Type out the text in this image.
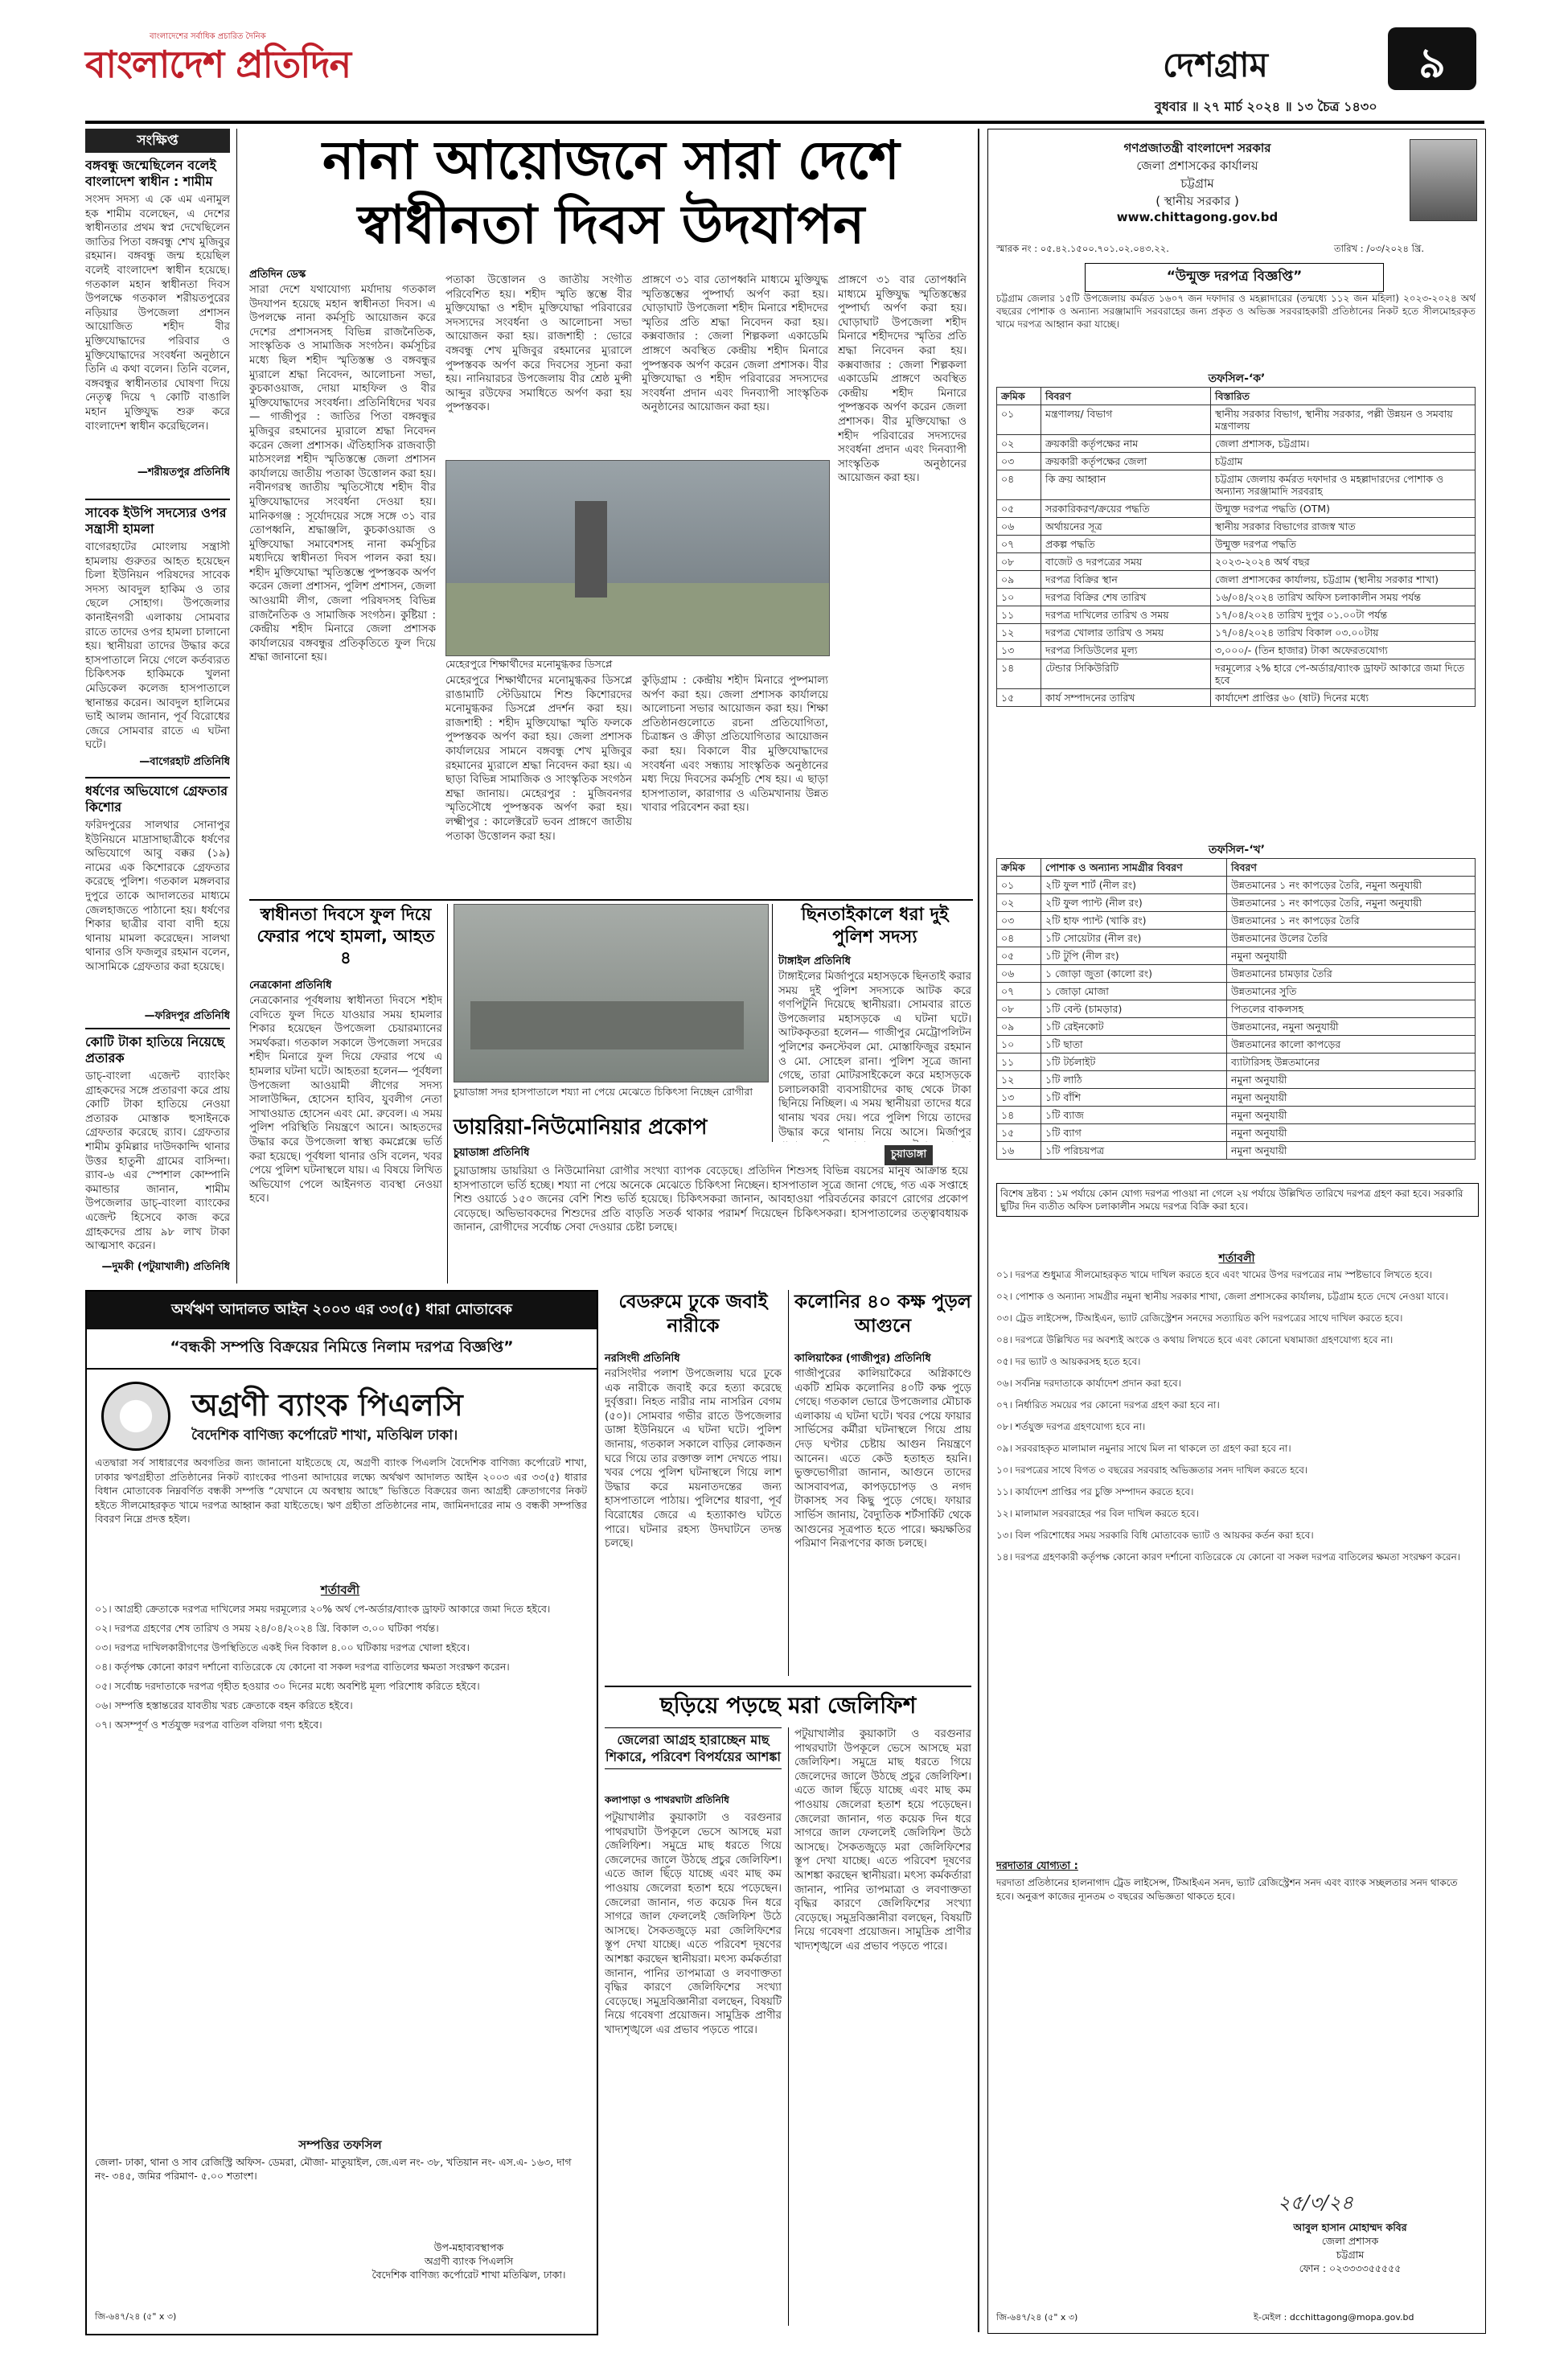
বাংলাদেশের সর্বাধিক প্রচারিত দৈনিক
বাংলাদেশ প্রতিদিন	দেশগ্রাম	৯
বুধবার ॥ ২৭ মার্চ ২০২৪ ॥ ১৩ চৈত্র ১৪৩০
সংক্ষিপ্ত
বঙ্গবন্ধু জন্মেছিলেন বলেই বাংলাদেশ স্বাধীন : শামীম
সংসদ সদস্য এ কে এম এনামুল হক শামীম বলেছেন, এ দেশের স্বাধীনতার প্রথম স্বপ্ন দেখেছিলেন জাতির পিতা বঙ্গবন্ধু শেখ মুজিবুর রহমান। বঙ্গবন্ধু জন্ম হয়েছিল বলেই বাংলাদেশ স্বাধীন হয়েছে। গতকাল মহান স্বাধীনতা দিবস উপলক্ষে গতকাল শরীয়তপুরের নড়িয়ার উপজেলা প্রশাসন আয়োজিত শহীদ বীর মুক্তিযোদ্ধাদের পরিবার ও মুক্তিযোদ্ধাদের সংবর্ধনা অনুষ্ঠানে তিনি এ কথা বলেন। তিনি বলেন, বঙ্গবন্ধুর স্বাধীনতার ঘোষণা দিয়ে নেতৃত্ব দিয়ে ৭ কোটি বাঙালি মহান মুক্তিযুদ্ধ শুরু করে বাংলাদেশ স্বাধীন করেছিলেন।
—শরীয়তপুর প্রতিনিধি
সাবেক ইউপি সদস্যের ওপর সন্ত্রাসী হামলা
বাগেরহাটের মোংলায় সন্ত্রাসী হামলায় গুরুতর আহত হয়েছেন চিলা ইউনিয়ন পরিষদের সাবেক সদস্য আবদুল হাকিম ও তার ছেলে সোহাগ। উপজেলার কানাইনগরী এলাকায় সোমবার রাতে তাদের ওপর হামলা চালানো হয়। স্থানীয়রা তাদের উদ্ধার করে হাসপাতালে নিয়ে গেলে কর্তব্যরত চিকিৎসক হাকিমকে খুলনা মেডিকেল কলেজ হাসপাতালে স্থানান্তর করেন। আবদুল হালিমের ভাই আলম জানান, পূর্ব বিরোধের জেরে সোমবার রাতে এ ঘটনা ঘটে।
—বাগেরহাট প্রতিনিধি
ধর্ষণের অভিযোগে গ্রেফতার কিশোর
ফরিদপুরের সালথার সোনাপুর ইউনিয়নে মাদ্রাসাছাত্রীকে ধর্ষণের অভিযোগে আবু বক্কর (১৯) নামের এক কিশোরকে গ্রেফতার করেছে পুলিশ। গতকাল মঙ্গলবার দুপুরে তাকে আদালতের মাধ্যমে জেলহাজতে পাঠানো হয়। ধর্ষণের শিকার ছাত্রীর বাবা বাদী হয়ে থানায় মামলা করেছেন। সালথা থানার ওসি ফজলুর রহমান বলেন, আসামিকে গ্রেফতার করা হয়েছে।
—ফরিদপুর প্রতিনিধি
কোটি টাকা হাতিয়ে নিয়েছে প্রতারক
ডাচ্-বাংলা এজেন্ট ব্যাংকিং গ্রাহকদের সঙ্গে প্রতারণা করে প্রায় কোটি টাকা হাতিয়ে নেওয়া প্রতারক মোস্তাক হুসাইনকে গ্রেফতার করেছে র‍্যাব। গ্রেফতার শামীম কুমিল্লার দাউদকান্দি থানার উত্তর হাতুনী গ্রামের বাসিন্দা। র‍্যাব-৬ এর স্পেশাল কোম্পানি কমান্ডার জানান, শামীম উপজেলার ডাচ্-বাংলা ব্যাংকের এজেন্ট হিসেবে কাজ করে গ্রাহকদের প্রায় ৯৮ লাখ টাকা আত্মসাৎ করেন।
—দুমকী (পটুয়াখালী) প্রতিনিধি
নানা আয়োজনে সারা দেশে স্বাধীনতা দিবস উদযাপন
প্রতিদিন ডেস্ক
সারা দেশে যথাযোগ্য মর্যাদায় গতকাল উদযাপন হয়েছে মহান স্বাধীনতা দিবস। এ উপলক্ষে নানা কর্মসূচি আয়োজন করে দেশের প্রশাসনসহ বিভিন্ন রাজনৈতিক, সাংস্কৃতিক ও সামাজিক সংগঠন। কর্মসূচির মধ্যে ছিল শহীদ স্মৃতিস্তম্ভ ও বঙ্গবন্ধুর ম্যুরালে শ্রদ্ধা নিবেদন, আলোচনা সভা, কুচকাওয়াজ, দোয়া মাহফিল ও বীর মুক্তিযোদ্ধাদের সংবর্ধনা। প্রতিনিধিদের খবর— গাজীপুর : জাতির পিতা বঙ্গবন্ধুর মুজিবুর রহমানের ম্যুরালে শ্রদ্ধা নিবেদন করেন জেলা প্রশাসক। ঐতিহাসিক রাজবাড়ী মাঠসংলগ্ন শহীদ স্মৃতিস্তম্ভে জেলা প্রশাসন কার্যালয়ে জাতীয় পতাকা উত্তোলন করা হয়। নবীনগরস্থ জাতীয় স্মৃতিসৌধে শহীদ বীর মুক্তিযোদ্ধাদের সংবর্ধনা দেওয়া হয়। মানিকগঞ্জ : সূর্যোদয়ের সঙ্গে সঙ্গে ৩১ বার তোপধ্বনি, শ্রদ্ধাঞ্জলি, কুচকাওয়াজ ও মুক্তিযোদ্ধা সমাবেশসহ নানা কর্মসূচির মধ্যদিয়ে স্বাধীনতা দিবস পালন করা হয়। শহীদ মুক্তিযোদ্ধা স্মৃতিস্তম্ভে পুষ্পস্তবক অর্পণ করেন জেলা প্রশাসন, পুলিশ প্রশাসন, জেলা আওয়ামী লীগ, জেলা পরিষদসহ বিভিন্ন রাজনৈতিক ও সামাজিক সংগঠন। কুষ্টিয়া : কেন্দ্রীয় শহীদ মিনারে জেলা প্রশাসক কার্যালয়ের বঙ্গবন্ধুর প্রতিকৃতিতে ফুল দিয়ে শ্রদ্ধা জানানো হয়।
পতাকা উত্তোলন ও জাতীয় সংগীত পরিবেশিত হয়। শহীদ স্মৃতি স্তম্ভে বীর মুক্তিযোদ্ধা ও শহীদ মুক্তিযোদ্ধা পরিবারের সদস্যদের সংবর্ধনা ও আলোচনা সভা আয়োজন করা হয়। রাজশাহী : ভোরে বঙ্গবন্ধু শেখ মুজিবুর রহমানের ম্যুরালে পুষ্পস্তবক অর্পণ করে দিবসের সূচনা করা হয়। নানিয়ারচর উপজেলায় বীর শ্রেষ্ঠ মুন্সী আব্দুর রউফের সমাধিতে অর্পণ করা হয় পুষ্পস্তবক।
প্রাঙ্গণে ৩১ বার তোপধ্বনি মাধ্যমে মুক্তিযুদ্ধ স্মৃতিস্তম্ভের পুষ্পার্ঘ্য অর্পণ করা হয়। ঘোড়াঘাট উপজেলা শহীদ মিনারে শহীদদের স্মৃতির প্রতি শ্রদ্ধা নিবেদন করা হয়। কক্সবাজার : জেলা শিল্পকলা একাডেমি প্রাঙ্গণে অবস্থিত কেন্দ্রীয় শহীদ মিনারে পুষ্পস্তবক অর্পণ করেন জেলা প্রশাসক। বীর মুক্তিযোদ্ধা ও শহীদ পরিবারের সদস্যদের সংবর্ধনা প্রদান এবং দিনব্যাপী সাংস্কৃতিক অনুষ্ঠানের আয়োজন করা হয়।
মেহেরপুরে শিক্ষার্থীদের মনোমুগ্ধকর ডিসপ্লে
মেহেরপুরে শিক্ষার্থীদের মনোমুগ্ধকর ডিসপ্লে রাঙামাটি স্টেডিয়ামে শিশু কিশোরদের মনোমুগ্ধকর ডিসপ্লে প্রদর্শন করা হয়। রাজশাহী : শহীদ মুক্তিযোদ্ধা স্মৃতি ফলকে পুষ্পস্তবক অর্পণ করা হয়। জেলা প্রশাসক কার্যালয়ের সামনে বঙ্গবন্ধু শেখ মুজিবুর রহমানের ম্যুরালে শ্রদ্ধা নিবেদন করা হয়। এ ছাড়া বিভিন্ন সামাজিক ও সাংস্কৃতিক সংগঠন শ্রদ্ধা জানায়। মেহেরপুর : মুজিবনগর স্মৃতিসৌধে পুষ্পস্তবক অর্পণ করা হয়। লক্ষ্মীপুর : কালেক্টরেট ভবন প্রাঙ্গণে জাতীয় পতাকা উত্তোলন করা হয়।
কুড়িগ্রাম : কেন্দ্রীয় শহীদ মিনারে পুষ্পমাল্য অর্পণ করা হয়। জেলা প্রশাসক কার্যালয়ে আলোচনা সভার আয়োজন করা হয়। শিক্ষা প্রতিষ্ঠানগুলোতে রচনা প্রতিযোগিতা, চিত্রাঙ্কন ও ক্রীড়া প্রতিযোগিতার আয়োজন করা হয়। বিকালে বীর মুক্তিযোদ্ধাদের সংবর্ধনা এবং সন্ধ্যায় সাংস্কৃতিক অনুষ্ঠানের মধ্য দিয়ে দিবসের কর্মসূচি শেষ হয়। এ ছাড়া হাসপাতাল, কারাগার ও এতিমখানায় উন্নত খাবার পরিবেশন করা হয়।
প্রাঙ্গণে ৩১ বার তোপধ্বনি মাধ্যমে মুক্তিযুদ্ধ স্মৃতিস্তম্ভের পুষ্পার্ঘ্য অর্পণ করা হয়। ঘোড়াঘাট উপজেলা শহীদ মিনারে শহীদদের স্মৃতির প্রতি শ্রদ্ধা নিবেদন করা হয়। কক্সবাজার : জেলা শিল্পকলা একাডেমি প্রাঙ্গণে অবস্থিত কেন্দ্রীয় শহীদ মিনারে পুষ্পস্তবক অর্পণ করেন জেলা প্রশাসক। বীর মুক্তিযোদ্ধা ও শহীদ পরিবারের সদস্যদের সংবর্ধনা প্রদান এবং দিনব্যাপী সাংস্কৃতিক অনুষ্ঠানের আয়োজন করা হয়।
স্বাধীনতা দিবসে ফুল দিয়ে ফেরার পথে হামলা, আহত ৪
নেত্রকোনা প্রতিনিধি
নেত্রকোনার পূর্বধলায় স্বাধীনতা দিবসে শহীদ বেদিতে ফুল দিতে যাওয়ার সময় হামলার শিকার হয়েছেন উপজেলা চেয়ারম্যানের সমর্থকরা। গতকাল সকালে উপজেলা সদরের শহীদ মিনারে ফুল দিয়ে ফেরার পথে এ হামলার ঘটনা ঘটে। আহতরা হলেন— পূর্বধলা উপজেলা আওয়ামী লীগের সদস্য সালাউদ্দিন, হোসেন হাবিব, যুবলীগ নেতা সাখাওয়াত হোসেন এবং মো. রুবেল। এ সময় পুলিশ পরিস্থিতি নিয়ন্ত্রণে আনে। আহতদের উদ্ধার করে উপজেলা স্বাস্থ্য কমপ্লেক্সে ভর্তি করা হয়েছে। পূর্বধলা থানার ওসি বলেন, খবর পেয়ে পুলিশ ঘটনাস্থলে যায়। এ বিষয়ে লিখিত অভিযোগ পেলে আইনগত ব্যবস্থা নেওয়া হবে।
চুয়াডাঙ্গা সদর হাসপাতালে শয্যা না পেয়ে মেঝেতে চিকিৎসা নিচ্ছেন রোগীরা
ডায়রিয়া-নিউমোনিয়ার প্রকোপ
চুয়াডাঙ্গা প্রতিনিধি	চুয়াডাঙ্গা
চুয়াডাঙ্গায় ডায়রিয়া ও নিউমোনিয়া রোগীর সংখ্যা ব্যাপক বেড়েছে। প্রতিদিন শিশুসহ বিভিন্ন বয়সের মানুষ আক্রান্ত হয়ে হাসপাতালে ভর্তি হচ্ছে। শয্যা না পেয়ে অনেকে মেঝেতে চিকিৎসা নিচ্ছেন। হাসপাতাল সূত্রে জানা গেছে, গত এক সপ্তাহে শিশু ওয়ার্ডে ১৫০ জনের বেশি শিশু ভর্তি হয়েছে। চিকিৎসকরা জানান, আবহাওয়া পরিবর্তনের কারণে রোগের প্রকোপ বেড়েছে। অভিভাবকদের শিশুদের প্রতি বাড়তি সতর্ক থাকার পরামর্শ দিয়েছেন চিকিৎসকরা। হাসপাতালের তত্ত্বাবধায়ক জানান, রোগীদের সর্বোচ্চ সেবা দেওয়ার চেষ্টা চলছে।
ছিনতাইকালে ধরা দুই পুলিশ সদস্য
টাঙ্গাইল প্রতিনিধি
টাঙ্গাইলের মির্জাপুরে মহাসড়কে ছিনতাই করার সময় দুই পুলিশ সদস্যকে আটক করে গণপিটুনি দিয়েছে স্থানীয়রা। সোমবার রাতে উপজেলার মহাসড়কে এ ঘটনা ঘটে। আটককৃতরা হলেন— গাজীপুর মেট্রোপলিটন পুলিশের কনস্টেবল মো. মোস্তাফিজুর রহমান ও মো. সোহেল রানা। পুলিশ সূত্রে জানা গেছে, তারা মোটরসাইকেলে করে মহাসড়কে চলাচলকারী ব্যবসায়ীদের কাছ থেকে টাকা ছিনিয়ে নিচ্ছিল। এ সময় স্থানীয়রা তাদের ধরে থানায় খবর দেয়। পরে পুলিশ গিয়ে তাদের উদ্ধার করে থানায় নিয়ে আসে। মির্জাপুর
অর্থঋণ আদালত আইন ২০০৩ এর ৩৩(৫) ধারা মোতাবেক
“বন্ধকী সম্পত্তি বিক্রয়ের নিমিত্তে নিলাম দরপত্র বিজ্ঞপ্তি”
অগ্রণী ব্যাংক পিএলসি
বৈদেশিক বাণিজ্য কর্পোরেট শাখা, মতিঝিল ঢাকা।
এতদ্বারা সর্ব সাধারণের অবগতির জন্য জানানো যাইতেছে যে, অগ্রণী ব্যাংক পিএলসি বৈদেশিক বাণিজ্য কর্পোরেট শাখা, ঢাকার ঋণগ্রহীতা প্রতিষ্ঠানের নিকট ব্যাংকের পাওনা আদায়ের লক্ষ্যে অর্থঋণ আদালত আইন ২০০৩ এর ৩৩(৫) ধারার বিধান মোতাবেক নিম্নবর্ণিত বন্ধকী সম্পত্তি “যেখানে যে অবস্থায় আছে” ভিত্তিতে বিক্রয়ের জন্য আগ্রহী ক্রেতাগণের নিকট হইতে সীলমোহরকৃত খামে দরপত্র আহ্বান করা যাইতেছে। ঋণ গ্রহীতা প্রতিষ্ঠানের নাম, জামিনদারের নাম ও বন্ধকী সম্পত্তির বিবরণ নিম্নে প্রদত্ত হইল।
শর্তাবলী
০১। আগ্রহী ক্রেতাকে দরপত্র দাখিলের সময় দরমূল্যের ২০% অর্থ পে-অর্ডার/ব্যাংক ড্রাফট আকারে জমা দিতে হইবে।
০২। দরপত্র গ্রহণের শেষ তারিখ ও সময় ২৪/০৪/২০২৪ খ্রি. বিকাল ৩.০০ ঘটিকা পর্যন্ত।
০৩। দরপত্র দাখিলকারীগণের উপস্থিতিতে একই দিন বিকাল ৪.০০ ঘটিকায় দরপত্র খোলা হইবে।
০৪। কর্তৃপক্ষ কোনো কারণ দর্শানো ব্যতিরেকে যে কোনো বা সকল দরপত্র বাতিলের ক্ষমতা সংরক্ষণ করেন।
০৫। সর্বোচ্চ দরদাতাকে দরপত্র গৃহীত হওয়ার ৩০ দিনের মধ্যে অবশিষ্ট মূল্য পরিশোধ করিতে হইবে।
০৬। সম্পত্তি হস্তান্তরের যাবতীয় খরচ ক্রেতাকে বহন করিতে হইবে।
০৭। অসম্পূর্ণ ও শর্তযুক্ত দরপত্র বাতিল বলিয়া গণ্য হইবে।
সম্পত্তির তফসিল
জেলা- ঢাকা, থানা ও সাব রেজিস্ট্রি অফিস- ডেমরা, মৌজা- মাতুয়াইল, জে.এল নং- ৩৮, খতিয়ান নং- এস.এ- ১৬৩, দাগ নং- ৩৪৫, জমির পরিমাণ- ৫.০০ শতাংশ।
উপ-মহাব্যবস্থাপক
অগ্রণী ব্যাংক পিএলসি
বৈদেশিক বাণিজ্য কর্পোরেট শাখা মতিঝিল, ঢাকা।
জি-৬৪৭/২৪ (৫" x ৩)
বেডরুমে ঢুকে জবাই নারীকে
নরসিংদী প্রতিনিধি
নরসিংদীর পলাশ উপজেলায় ঘরে ঢুকে এক নারীকে জবাই করে হত্যা করেছে দুর্বৃত্তরা। নিহত নারীর নাম নাসরিন বেগম (৫০)। সোমবার গভীর রাতে উপজেলার ডাঙ্গা ইউনিয়নে এ ঘটনা ঘটে। পুলিশ জানায়, গতকাল সকালে বাড়ির লোকজন ঘরে গিয়ে তার রক্তাক্ত লাশ দেখতে পায়। খবর পেয়ে পুলিশ ঘটনাস্থলে গিয়ে লাশ উদ্ধার করে ময়নাতদন্তের জন্য হাসপাতালে পাঠায়। পুলিশের ধারণা, পূর্ব বিরোধের জেরে এ হত্যাকাণ্ড ঘটতে পারে। ঘটনার রহস্য উদঘাটনে তদন্ত চলছে।
কলোনির ৪০ কক্ষ পুড়ল আগুনে
কালিয়াকৈর (গাজীপুর) প্রতিনিধি
গাজীপুরের কালিয়াকৈরে অগ্নিকাণ্ডে একটি শ্রমিক কলোনির ৪০টি কক্ষ পুড়ে গেছে। গতকাল ভোরে উপজেলার মৌচাক এলাকায় এ ঘটনা ঘটে। খবর পেয়ে ফায়ার সার্ভিসের কর্মীরা ঘটনাস্থলে গিয়ে প্রায় দেড় ঘণ্টার চেষ্টায় আগুন নিয়ন্ত্রণে আনেন। এতে কেউ হতাহত হয়নি। ভুক্তভোগীরা জানান, আগুনে তাদের আসবাবপত্র, কাপড়চোপড় ও নগদ টাকাসহ সব কিছু পুড়ে গেছে। ফায়ার সার্ভিস জানায়, বৈদ্যুতিক শর্টসার্কিট থেকে আগুনের সূত্রপাত হতে পারে। ক্ষয়ক্ষতির পরিমাণ নিরূপণের কাজ চলছে।
ছড়িয়ে পড়ছে মরা জেলিফিশ
জেলেরা আগ্রহ হারাচ্ছেন মাছ শিকারে, পরিবেশ বিপর্যয়ের আশঙ্কা
কলাপাড়া ও পাথরঘাটা প্রতিনিধি
পটুয়াখালীর কুয়াকাটা ও বরগুনার পাথরঘাটা উপকূলে ভেসে আসছে মরা জেলিফিশ। সমুদ্রে মাছ ধরতে গিয়ে জেলেদের জালে উঠছে প্রচুর জেলিফিশ। এতে জাল ছিঁড়ে যাচ্ছে এবং মাছ কম পাওয়ায় জেলেরা হতাশ হয়ে পড়েছেন। জেলেরা জানান, গত কয়েক দিন ধরে সাগরে জাল ফেললেই জেলিফিশ উঠে আসছে। সৈকতজুড়ে মরা জেলিফিশের স্তূপ দেখা যাচ্ছে। এতে পরিবেশ দূষণের আশঙ্কা করছেন স্থানীয়রা। মৎস্য কর্মকর্তারা জানান, পানির তাপমাত্রা ও লবণাক্ততা বৃদ্ধির কারণে জেলিফিশের সংখ্যা বেড়েছে। সমুদ্রবিজ্ঞানীরা বলছেন, বিষয়টি নিয়ে গবেষণা প্রয়োজন। সামুদ্রিক প্রাণীর খাদ্যশৃঙ্খলে এর প্রভাব পড়তে পারে।
পটুয়াখালীর কুয়াকাটা ও বরগুনার পাথরঘাটা উপকূলে ভেসে আসছে মরা জেলিফিশ। সমুদ্রে মাছ ধরতে গিয়ে জেলেদের জালে উঠছে প্রচুর জেলিফিশ। এতে জাল ছিঁড়ে যাচ্ছে এবং মাছ কম পাওয়ায় জেলেরা হতাশ হয়ে পড়েছেন। জেলেরা জানান, গত কয়েক দিন ধরে সাগরে জাল ফেললেই জেলিফিশ উঠে আসছে। সৈকতজুড়ে মরা জেলিফিশের স্তূপ দেখা যাচ্ছে। এতে পরিবেশ দূষণের আশঙ্কা করছেন স্থানীয়রা। মৎস্য কর্মকর্তারা জানান, পানির তাপমাত্রা ও লবণাক্ততা বৃদ্ধির কারণে জেলিফিশের সংখ্যা বেড়েছে। সমুদ্রবিজ্ঞানীরা বলছেন, বিষয়টি নিয়ে গবেষণা প্রয়োজন। সামুদ্রিক প্রাণীর খাদ্যশৃঙ্খলে এর প্রভাব পড়তে পারে।
গণপ্রজাতন্ত্রী বাংলাদেশ সরকার
জেলা প্রশাসকের কার্যালয়
চট্টগ্রাম
( স্থানীয় সরকার )
www.chittagong.gov.bd
স্মারক নং : ০৫.৪২.১৫০০.৭০১.০২.০৪৩.২২.	তারিখ : /০৩/২০২৪ খ্রি.
“উন্মুক্ত দরপত্র বিজ্ঞপ্তি”
চট্টগ্রাম জেলার ১৫টি উপজেলায় কর্মরত ১৬০৭ জন দফাদার ও মহল্লাদারের (তন্মধ্যে ১১২ জন মহিলা) ২০২৩-২০২৪ অর্থ বছরের পোশাক ও অন্যান্য সরঞ্জামাদি সরবরাহের জন্য প্রকৃত ও অভিজ্ঞ সরবরাহকারী প্রতিষ্ঠানের নিকট হতে সীলমোহরকৃত খামে দরপত্র আহ্বান করা যাচ্ছে।
তফসিল-‘ক’
ক্রমিক	বিবরণ	বিস্তারিত
০১	মন্ত্রণালয়/ বিভাগ	স্থানীয় সরকার বিভাগ, স্থানীয় সরকার, পল্লী উন্নয়ন ও সমবায় মন্ত্রণালয়
০২	ক্রয়কারী কর্তৃপক্ষের নাম	জেলা প্রশাসক, চট্টগ্রাম।
০৩	ক্রয়কারী কর্তৃপক্ষের জেলা	চট্টগ্রাম
০৪	কি ক্রয় আহ্বান	চট্টগ্রাম জেলায় কর্মরত দফাদার ও মহল্লাদারদের পোশাক ও অন্যান্য সরঞ্জামাদি সরবরাহ
০৫	সরকারিকরণ/ক্রয়ের পদ্ধতি	উন্মুক্ত দরপত্র পদ্ধতি (OTM)
০৬	অর্থায়নের সূত্র	স্থানীয় সরকার বিভাগের রাজস্ব খাত
০৭	প্রকল্প পদ্ধতি	উন্মুক্ত দরপত্র পদ্ধতি
০৮	বাজেট ও দরপত্রের সময়	২০২৩-২০২৪ অর্থ বছর
০৯	দরপত্র বিক্রির স্থান	জেলা প্রশাসকের কার্যালয়, চট্টগ্রাম (স্থানীয় সরকার শাখা)
১০	দরপত্র বিক্রির শেষ তারিখ	১৬/০৪/২০২৪ তারিখ অফিস চলাকালীন সময় পর্যন্ত
১১	দরপত্র দাখিলের তারিখ ও সময়	১৭/০৪/২০২৪ তারিখ দুপুর ০১.০০টা পর্যন্ত
১২	দরপত্র খোলার তারিখ ও সময়	১৭/০৪/২০২৪ তারিখ বিকাল ০৩.০০টায়
১৩	দরপত্র সিডিউলের মূল্য	৩,০০০/- (তিন হাজার) টাকা অফেরতযোগ্য
১৪	টেন্ডার সিকিউরিটি	দরমূল্যের ২% হারে পে-অর্ডার/ব্যাংক ড্রাফট আকারে জমা দিতে হবে
১৫	কার্য সম্পাদনের তারিখ	কার্যাদেশ প্রাপ্তির ৬০ (ষাট) দিনের মধ্যে
তফসিল-‘খ’
ক্রমিক	পোশাক ও অন্যান্য সামগ্রীর বিবরণ	বিবরণ
০১	২টি ফুল শার্ট (নীল রং)	উন্নতমানের ১ নং কাপড়ের তৈরি, নমুনা অনুযায়ী
০২	২টি ফুল প্যান্ট (নীল রং)	উন্নতমানের ১ নং কাপড়ের তৈরি, নমুনা অনুযায়ী
০৩	২টি হাফ প্যান্ট (খাকি রং)	উন্নতমানের ১ নং কাপড়ের তৈরি
০৪	১টি সোয়েটার (নীল রং)	উন্নতমানের উলের তৈরি
০৫	১টি টুপি (নীল রং)	নমুনা অনুযায়ী
০৬	১ জোড়া জুতা (কালো রং)	উন্নতমানের চামড়ার তৈরি
০৭	১ জোড়া মোজা	উন্নতমানের সুতি
০৮	১টি বেল্ট (চামড়ার)	পিতলের বাকলসহ
০৯	১টি রেইনকোট	উন্নতমানের, নমুনা অনুযায়ী
১০	১টি ছাতা	উন্নতমানের কালো কাপড়ের
১১	১টি টর্চলাইট	ব্যাটারিসহ উন্নতমানের
১২	১টি লাঠি	নমুনা অনুযায়ী
১৩	১টি বাঁশি	নমুনা অনুযায়ী
১৪	১টি ব্যাজ	নমুনা অনুযায়ী
১৫	১টি ব্যাগ	নমুনা অনুযায়ী
১৬	১টি পরিচয়পত্র	নমুনা অনুযায়ী
বিশেষ দ্রষ্টব্য : ১ম পর্যায়ে কোন যোগ্য দরপত্র পাওয়া না গেলে ২য় পর্যায়ে উল্লিখিত তারিখে দরপত্র গ্রহণ করা হবে। সরকারি ছুটির দিন ব্যতীত অফিস চলাকালীন সময়ে দরপত্র বিক্রি করা হবে।
শর্তাবলী
০১। দরপত্র শুধুমাত্র সীলমোহরকৃত খামে দাখিল করতে হবে এবং খামের উপর দরপত্রের নাম স্পষ্টভাবে লিখতে হবে।
০২। পোশাক ও অন্যান্য সামগ্রীর নমুনা স্থানীয় সরকার শাখা, জেলা প্রশাসকের কার্যালয়, চট্টগ্রাম হতে দেখে নেওয়া যাবে।
০৩। ট্রেড লাইসেন্স, টিআইএন, ভ্যাট রেজিস্ট্রেশন সনদের সত্যায়িত কপি দরপত্রের সাথে দাখিল করতে হবে।
০৪। দরপত্রে উল্লিখিত দর অবশ্যই অংকে ও কথায় লিখতে হবে এবং কোনো ঘষামাজা গ্রহণযোগ্য হবে না।
০৫। দর ভ্যাট ও আয়করসহ হতে হবে।
০৬। সর্বনিম্ন দরদাতাকে কার্যাদেশ প্রদান করা হবে।
০৭। নির্ধারিত সময়ের পর কোনো দরপত্র গ্রহণ করা হবে না।
০৮। শর্তযুক্ত দরপত্র গ্রহণযোগ্য হবে না।
০৯। সরবরাহকৃত মালামাল নমুনার সাথে মিল না থাকলে তা গ্রহণ করা হবে না।
১০। দরপত্রের সাথে বিগত ৩ বছরের সরবরাহ অভিজ্ঞতার সনদ দাখিল করতে হবে।
১১। কার্যাদেশ প্রাপ্তির পর চুক্তি সম্পাদন করতে হবে।
১২। মালামাল সরবরাহের পর বিল দাখিল করতে হবে।
১৩। বিল পরিশোধের সময় সরকারি বিধি মোতাবেক ভ্যাট ও আয়কর কর্তন করা হবে।
১৪। দরপত্র গ্রহণকারী কর্তৃপক্ষ কোনো কারণ দর্শানো ব্যতিরেকে যে কোনো বা সকল দরপত্র বাতিলের ক্ষমতা সংরক্ষণ করেন।
দরদাতার যোগ্যতা :
দরদাতা প্রতিষ্ঠানের হালনাগাদ ট্রেড লাইসেন্স, টিআইএন সনদ, ভ্যাট রেজিস্ট্রেশন সনদ এবং ব্যাংক সচ্ছলতার সনদ থাকতে হবে। অনুরূপ কাজের ন্যূনতম ৩ বছরের অভিজ্ঞতা থাকতে হবে।
২৫/৩/২৪
আবুল হাসান মোহাম্মদ কবির
জেলা প্রশাসক
চট্টগ্রাম
ফোন : ০২৩৩৩৩৫৫৫৫৫
জি-৬৪৭/২৪ (৫" x ৩)	ই-মেইল : dcchittagong@mopa.gov.bd
